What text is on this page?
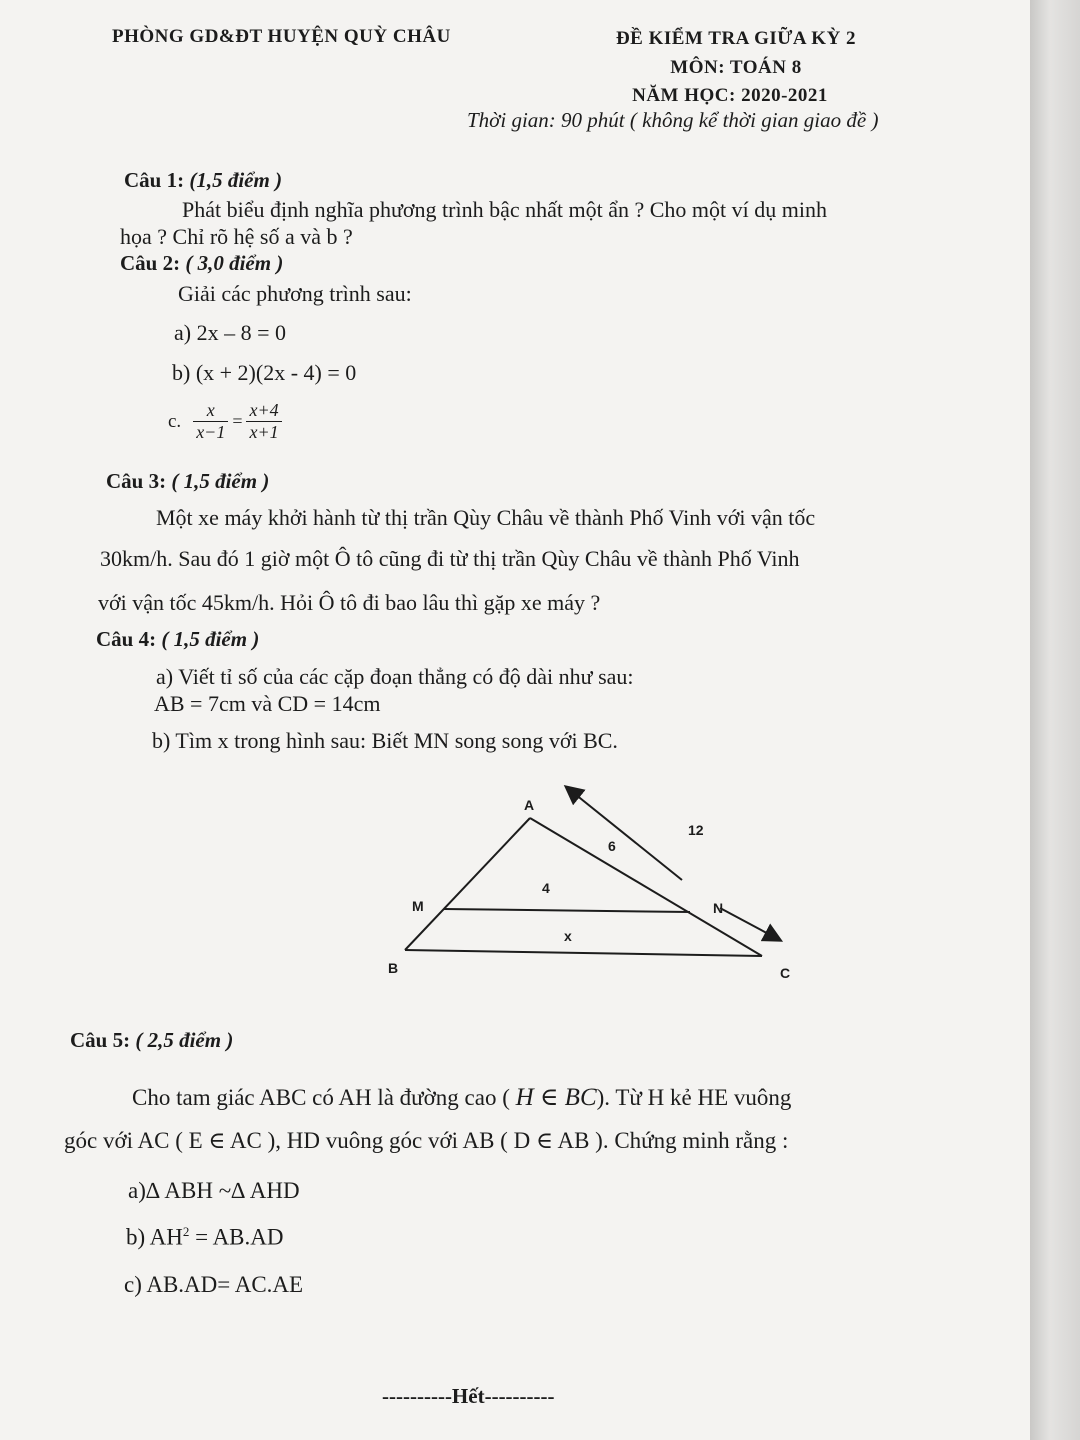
PHÒNG GD&ĐT HUYỆN QUỲ CHÂU	ĐỀ KIỂM TRA GIỮA KỲ 2
MÔN: TOÁN 8
NĂM HỌC: 2020-2021
Thời gian: 90 phút ( không kể thời gian giao đề )
Câu 1: (1,5 điểm )
Phát biểu định nghĩa phương trình bậc nhất một ẩn ? Cho một ví dụ minh
họa ? Chỉ rõ hệ số a và b ?
Câu 2: ( 3,0 điểm )
Giải các phương trình sau:
a) 2x – 8 = 0
b) (x + 2)(2x - 4) = 0
c. $\frac{x}{x-1} = \frac{x+4}{x+1}$
Câu 3: ( 1,5 điểm )
Một xe máy khởi hành từ thị trần Qùy Châu về thành Phố Vinh với vận tốc
30km/h. Sau đó 1 giờ một Ô tô cũng đi từ thị trần Qùy Châu về thành Phố Vinh
với vận tốc 45km/h. Hỏi Ô tô đi bao lâu thì gặp xe máy ?
Câu 4: ( 1,5 điểm )
a) Viết tỉ số của các cặp đoạn thẳng có độ dài như sau:
AB = 7cm và CD = 14cm
b) Tìm x trong hình sau: Biết MN song song với BC.
A
B	C
M	N
6
12
4
x
Câu 5: ( 2,5 điểm )
Cho tam giác ABC có AH là đường cao ( H ∈ BC). Từ H kẻ HE vuông
góc với AC ( E ∈ AC ), HD vuông góc với AB ( D ∈ AB ). Chứng minh rằng :
a)∆ ABH ~∆ AHD
b) $AH^2 = AB.AD$
c) AB.AD= AC.AE
----------Hết----------
